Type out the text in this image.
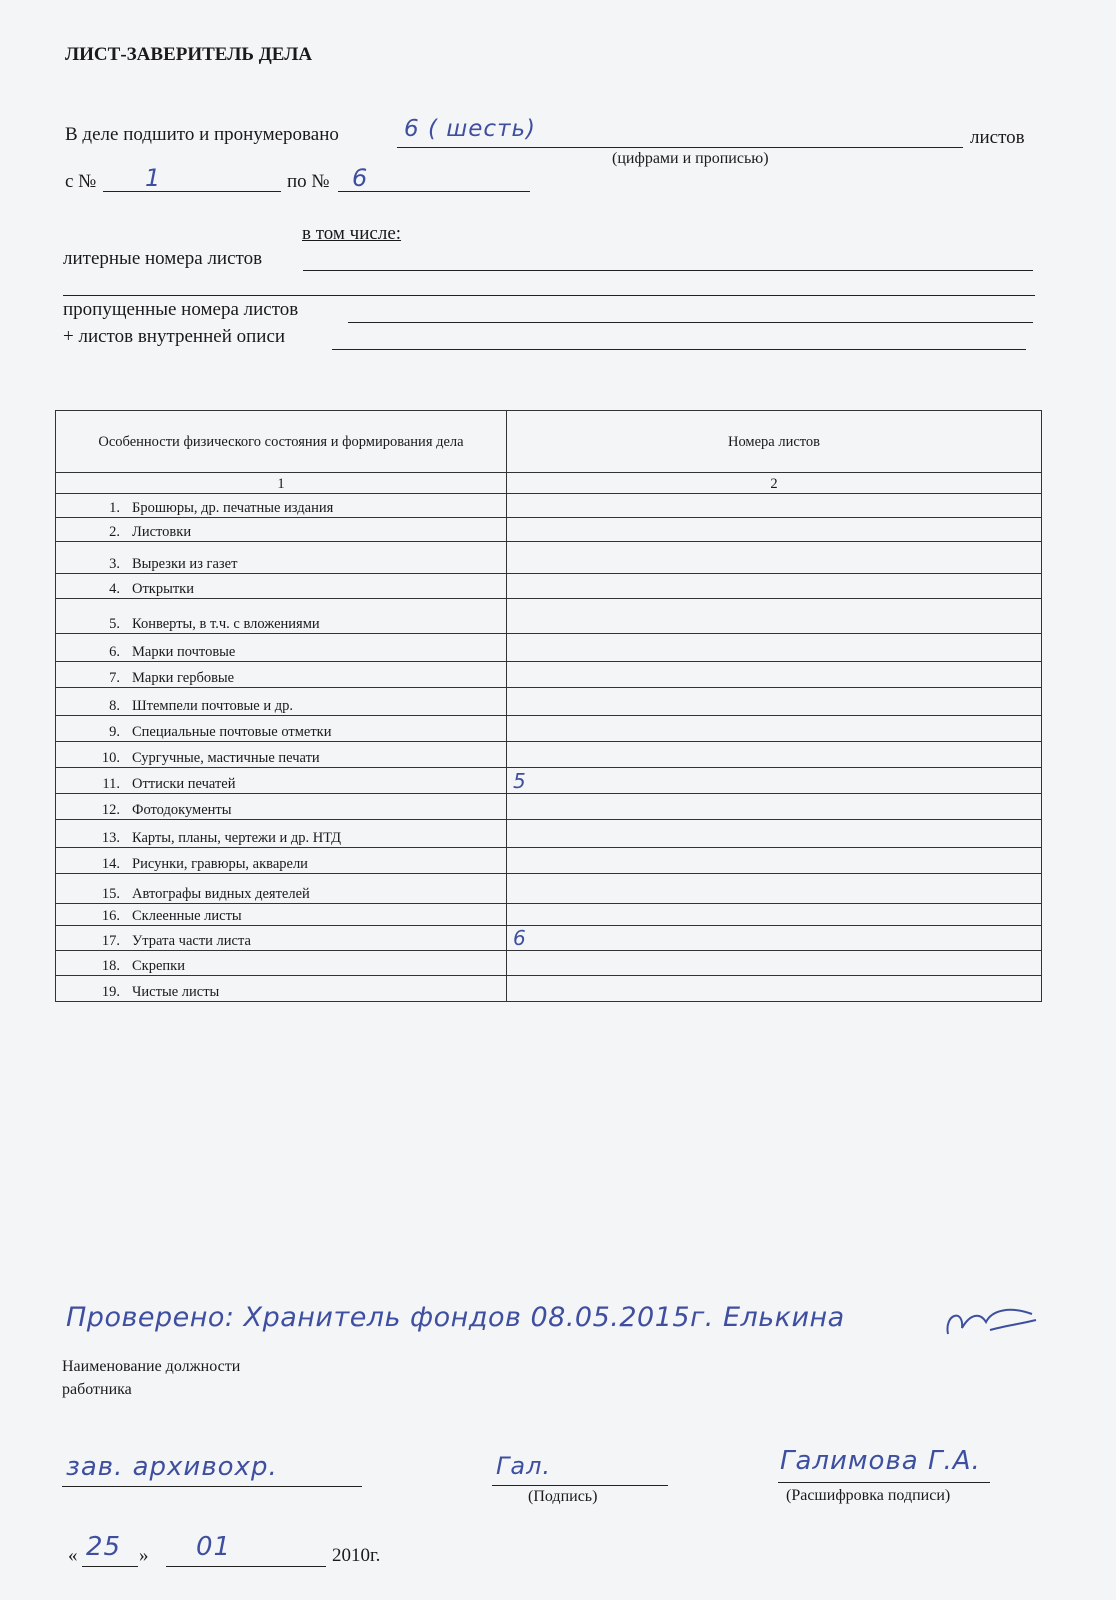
ЛИСТ-ЗАВЕРИТЕЛЬ ДЕЛА
В деле подшито и пронумеровано	6 ( шесть)	листов
(цифрами и прописью)
с № 1	по № 6
в том числе:
литерные номера листов
пропущенные номера листов
+ листов внутренней описи
Особенности физического состояния и формирования дела	Номера листов
1	2
1. Брошюры, др. печатные издания	
2. Листовки	
3. Вырезки из газет	
4. Открытки	
5. Конверты, в т.ч. с вложениями	
6. Марки почтовые	
7. Марки гербовые	
8. Штемпели почтовые и др.	
9. Специальные почтовые отметки	
10. Сургучные, мастичные печати	
11. Оттиски печатей	5
12. Фотодокументы	
13. Карты, планы, чертежи и др. НТД	
14. Рисунки, гравюры, акварели	
15. Автографы видных деятелей	
16. Склеенные листы	
17. Утрата части листа	6
18. Скрепки	
19. Чистые листы	
Проверено: Хранитель фондов 08.05.2015г. Елькина
Наименование должности
работника
зав. архивохр.	Гал.
(Подпись)
Галимова Г.А.
(Расшифровка подписи)
« 25 » 01	2010г.
